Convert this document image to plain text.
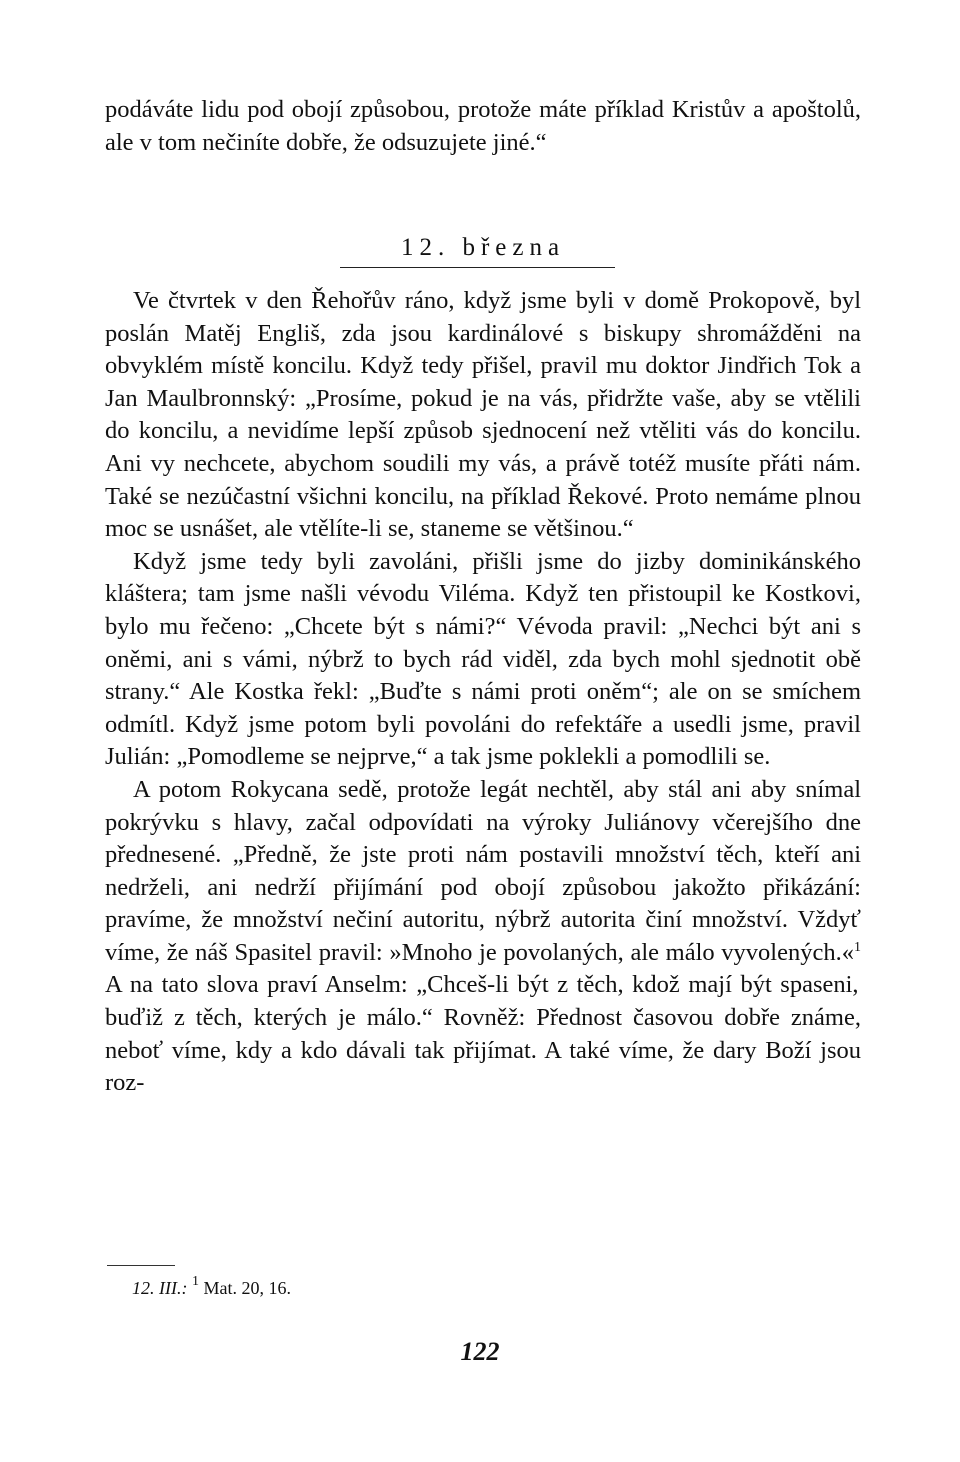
podáváte lidu pod obojí způsobou, protože máte příklad Kristův a apoštolů, ale v tom nečiníte dobře, že odsuzujete jiné.“

12. března

Ve čtvrtek v den Řehořův ráno, když jsme byli v domě Prokopově, byl poslán Matěj Engliš, zda jsou kardinálové s biskupy shromážděni na obvyklém místě koncilu. Když tedy přišel, pravil mu doktor Jindřich Tok a Jan Maulbronnský: „Prosíme, pokud je na vás, přidržte vaše, aby se vtělili do koncilu, a nevidíme lepší způsob sjednocení než vtěliti vás do koncilu. Ani vy nechcete, abychom soudili my vás, a právě totéž musíte přáti nám. Také se nezúčastní všichni koncilu, na příklad Řekové. Proto nemáme plnou moc se usnášet, ale vtělíte-li se, staneme se většinou.“

Když jsme tedy byli zavoláni, přišli jsme do jizby dominikánského kláštera; tam jsme našli vévodu Viléma. Když ten přistoupil ke Kostkovi, bylo mu řečeno: „Chcete být s námi?“ Vévoda pravil: „Nechci být ani s oněmi, ani s vámi, nýbrž to bych rád viděl, zda bych mohl sjednotit obě strany.“ Ale Kostka řekl: „Buďte s námi proti oněm“; ale on se smíchem odmítl. Když jsme potom byli povoláni do refektáře a usedli jsme, pravil Julián: „Pomodleme se nejprve,“ a tak jsme poklekli a pomodlili se.

A potom Rokycana sedě, protože legát nechtěl, aby stál ani aby snímal pokrývku s hlavy, začal odpovídati na výroky Juliánovy včerejšího dne přednesené. „Předně, že jste proti nám postavili množství těch, kteří ani nedrželi, ani nedrží přijímání pod obojí způsobou jakožto přikázání: pravíme, že množství nečiní autoritu, nýbrž autorita činí množství. Vždyť víme, že náš Spasitel pravil: »Mnoho je povolaných, ale málo vyvolených.«$^1$ A na tato slova praví Anselm: „Chceš-li být z těch, kdož mají být spaseni, buďiž z těch, kterých je málo.“ Rovněž: Přednost časovou dobře známe, neboť víme, kdy a kdo dávali tak přijímat. A také víme, že dary Boží jsou roz-

12. III.: $^1$ Mat. 20, 16.
122
